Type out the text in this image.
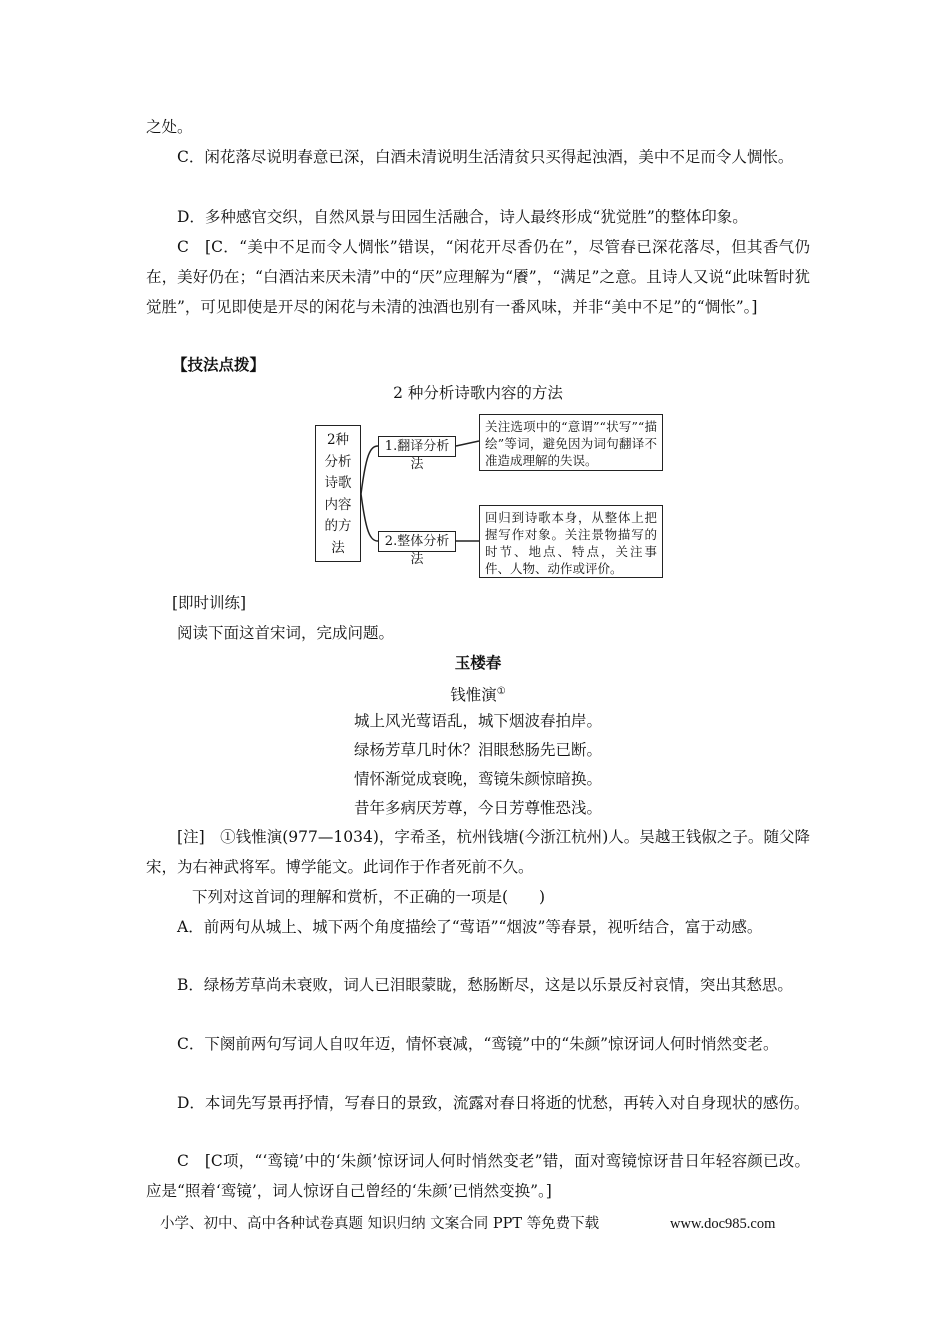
之处。

C．闲花落尽说明春意已深，白酒未清说明生活清贫只买得起浊酒，美中不足而令人惆怅。

D．多种感官交织，自然风景与田园生活融合，诗人最终形成“犹觉胜”的整体印象。

C　[C．“美中不足而令人惆怅”错误，“闲花开尽香仍在”，尽管春已深花落尽，但其香气仍在，美好仍在；“白酒沽来厌未清”中的“厌”应理解为“餍”，“满足”之意。且诗人又说“此味暂时犹觉胜”，可见即使是开尽的闲花与未清的浊酒也别有一番风味，并非“美中不足”的“惆怅”。]

【技法点拨】

2 种分析诗歌内容的方法

2种
分析
诗歌
内容
的方
法
1.翻译分析法
2.整体分析法
关注选项中的“意谓”“状写”“描绘”等词，避免因为词句翻译不准造成理解的失误。
回归到诗歌本身，从整体上把握写作对象。关注景物描写的时节、地点、特点，关注事件、人物、动作或评价。

[即时训练]

阅读下面这首宋词，完成问题。

玉楼春

钱惟演①

城上风光莺语乱，城下烟波春拍岸。

绿杨芳草几时休？泪眼愁肠先已断。

情怀渐觉成衰晚，鸾镜朱颜惊暗换。

昔年多病厌芳尊，今日芳尊惟恐浅。

[注]　①钱惟演(977—1034)，字希圣，杭州钱塘(今浙江杭州)人。吴越王钱俶之子。随父降宋，为右神武将军。博学能文。此词作于作者死前不久。

下列对这首词的理解和赏析，不正确的一项是(　　)

A．前两句从城上、城下两个角度描绘了“莺语”“烟波”等春景，视听结合，富于动感。

B．绿杨芳草尚未衰败，词人已泪眼蒙眬，愁肠断尽，这是以乐景反衬哀情，突出其愁思。

C．下阕前两句写词人自叹年迈，情怀衰减，“鸾镜”中的“朱颜”惊讶词人何时悄然变老。

D．本词先写景再抒情，写春日的景致，流露对春日将逝的忧愁，再转入对自身现状的感伤。

C　[C项，“‘鸾镜’中的‘朱颜’惊讶词人何时悄然变老”错，面对鸾镜惊讶昔日年轻容颜已改。应是“照着‘鸾镜’，词人惊讶自己曾经的‘朱颜’已悄然变换”。]

小学、初中、高中各种试卷真题 知识归纳 文案合同 PPT 等免费下载	www.doc985.com
